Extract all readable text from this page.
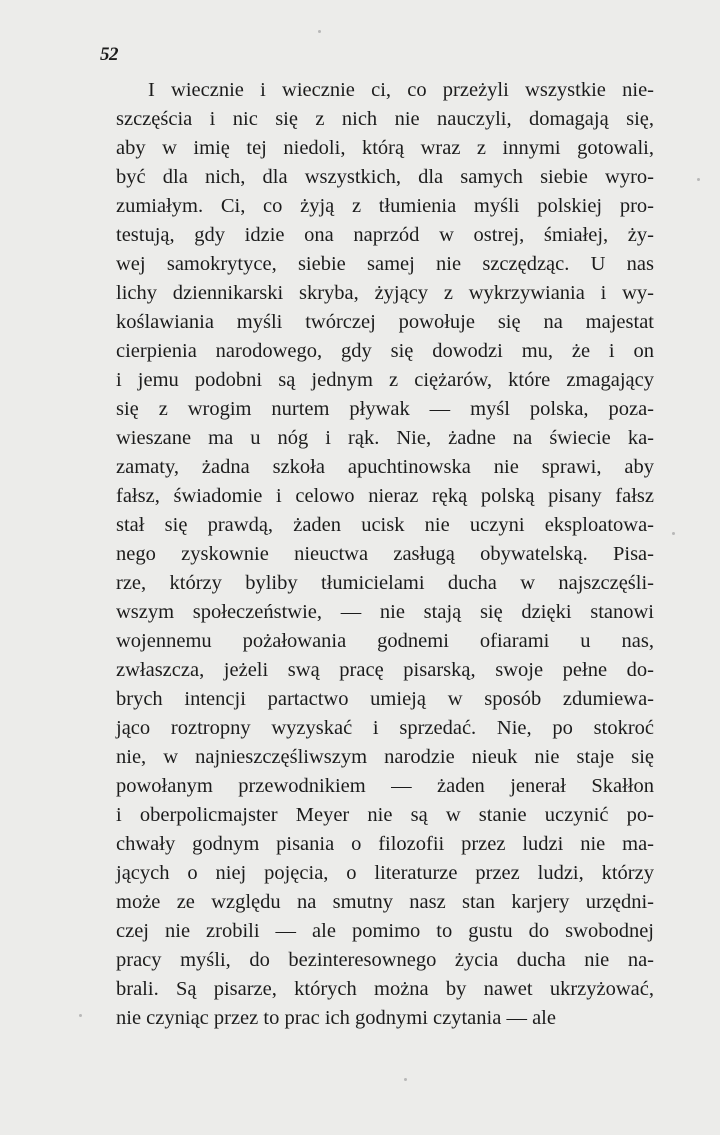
52
I wiecznie i wiecznie ci, co przeżyli wszystkie nie-
szczęścia i nic się z nich nie nauczyli, domagają się,
aby w imię tej niedoli, którą wraz z innymi gotowali,
być dla nich, dla wszystkich, dla samych siebie wyro-
zumiałym. Ci, co żyją z tłumienia myśli polskiej pro-
testują, gdy idzie ona naprzód w ostrej, śmiałej, ży-
wej samokrytyce, siebie samej nie szczędząc. U nas
lichy dziennikarski skryba, żyjący z wykrzywiania i wy-
koślawiania myśli twórczej powołuje się na majestat
cierpienia narodowego, gdy się dowodzi mu, że i on
i jemu podobni są jednym z ciężarów, które zmagający
się z wrogim nurtem pływak — myśl polska, poza-
wieszane ma u nóg i rąk. Nie, żadne na świecie ka-
zamaty, żadna szkoła apuchtinowska nie sprawi, aby
fałsz, świadomie i celowo nieraz ręką polską pisany fałsz
stał się prawdą, żaden ucisk nie uczyni eksploatowa-
nego zyskownie nieuctwa zasługą obywatelską. Pisa-
rze, którzy byliby tłumicielami ducha w najszczęśli-
wszym społeczeństwie, — nie stają się dzięki stanowi
wojennemu pożałowania godnemi ofiarami u nas,
zwłaszcza, jeżeli swą pracę pisarską, swoje pełne do-
brych intencji partactwo umieją w sposób zdumiewa-
jąco roztropny wyzyskać i sprzedać. Nie, po stokroć
nie, w najnieszczęśliwszym narodzie nieuk nie staje się
powołanym przewodnikiem — żaden jenerał Skałłon
i oberpolicmajster Meyer nie są w stanie uczynić po-
chwały godnym pisania o filozofii przez ludzi nie ma-
jących o niej pojęcia, o literaturze przez ludzi, którzy
może ze względu na smutny nasz stan karjery urzędni-
czej nie zrobili — ale pomimo to gustu do swobodnej
pracy myśli, do bezinteresownego życia ducha nie na-
brali. Są pisarze, których można by nawet ukrzyżować,
nie czyniąc przez to prac ich godnymi czytania — ale
